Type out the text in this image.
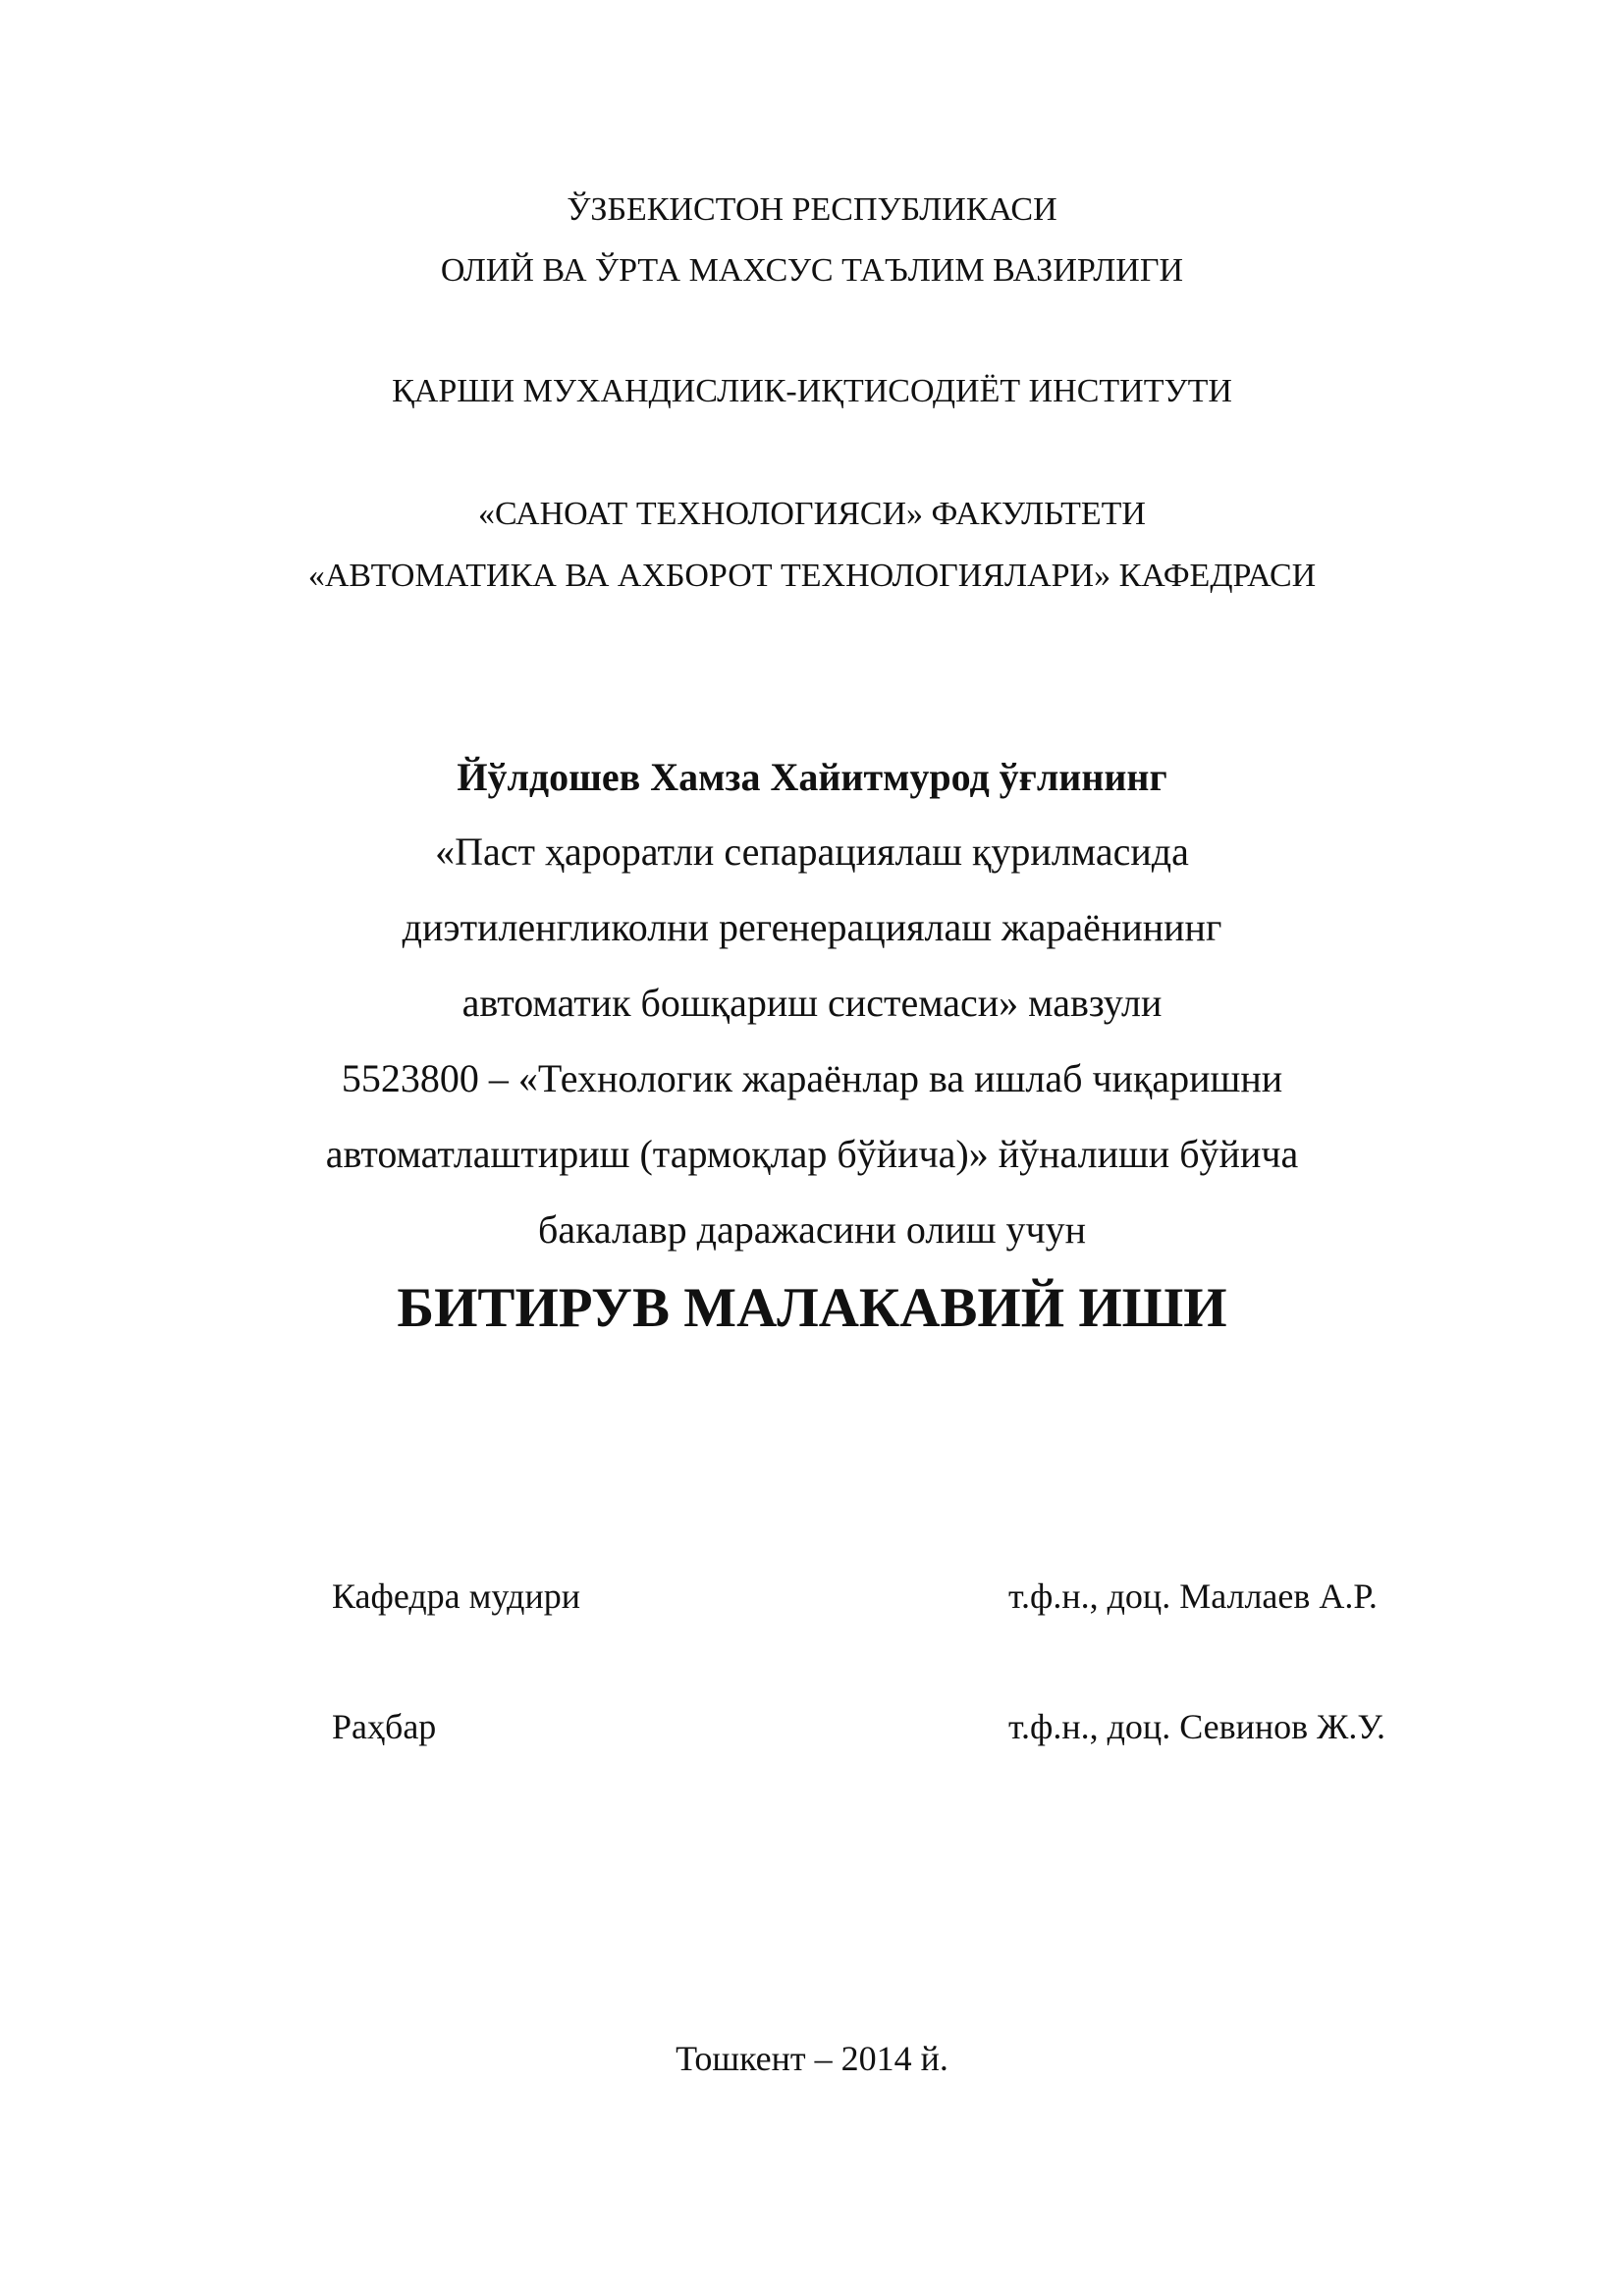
ЎЗБЕКИСТОН РЕСПУБЛИКАСИ
ОЛИЙ ВА ЎРТА МАХСУС ТАЪЛИМ ВАЗИРЛИГИ
ҚАРШИ МУХАНДИСЛИК-ИҚТИСОДИЁТ ИНСТИТУТИ
«САНОАТ ТЕХНОЛОГИЯСИ» ФАКУЛЬТЕТИ
«АВТОМАТИКА ВА АХБОРОТ ТЕХНОЛОГИЯЛАРИ» КАФЕДРАСИ
Йўлдошев Хамза Хайитмурод ўғлининг
«Паст ҳароратли сепарациялаш қурилмасида
диэтиленгликолни регенерациялаш жараёнининг
автоматик бошқариш системаси» мавзули
5523800 – «Технологик жараёнлар ва ишлаб чиқаришни
автоматлаштириш (тармоқлар бўйича)» йўналиши бўйича
бакалавр даражасини олиш учун
БИТИРУВ МАЛАКАВИЙ ИШИ
Кафедра мудири	т.ф.н., доц. Маллаев А.Р.
Раҳбар	т.ф.н., доц. Севинов Ж.У.
Тошкент – 2014 й.
